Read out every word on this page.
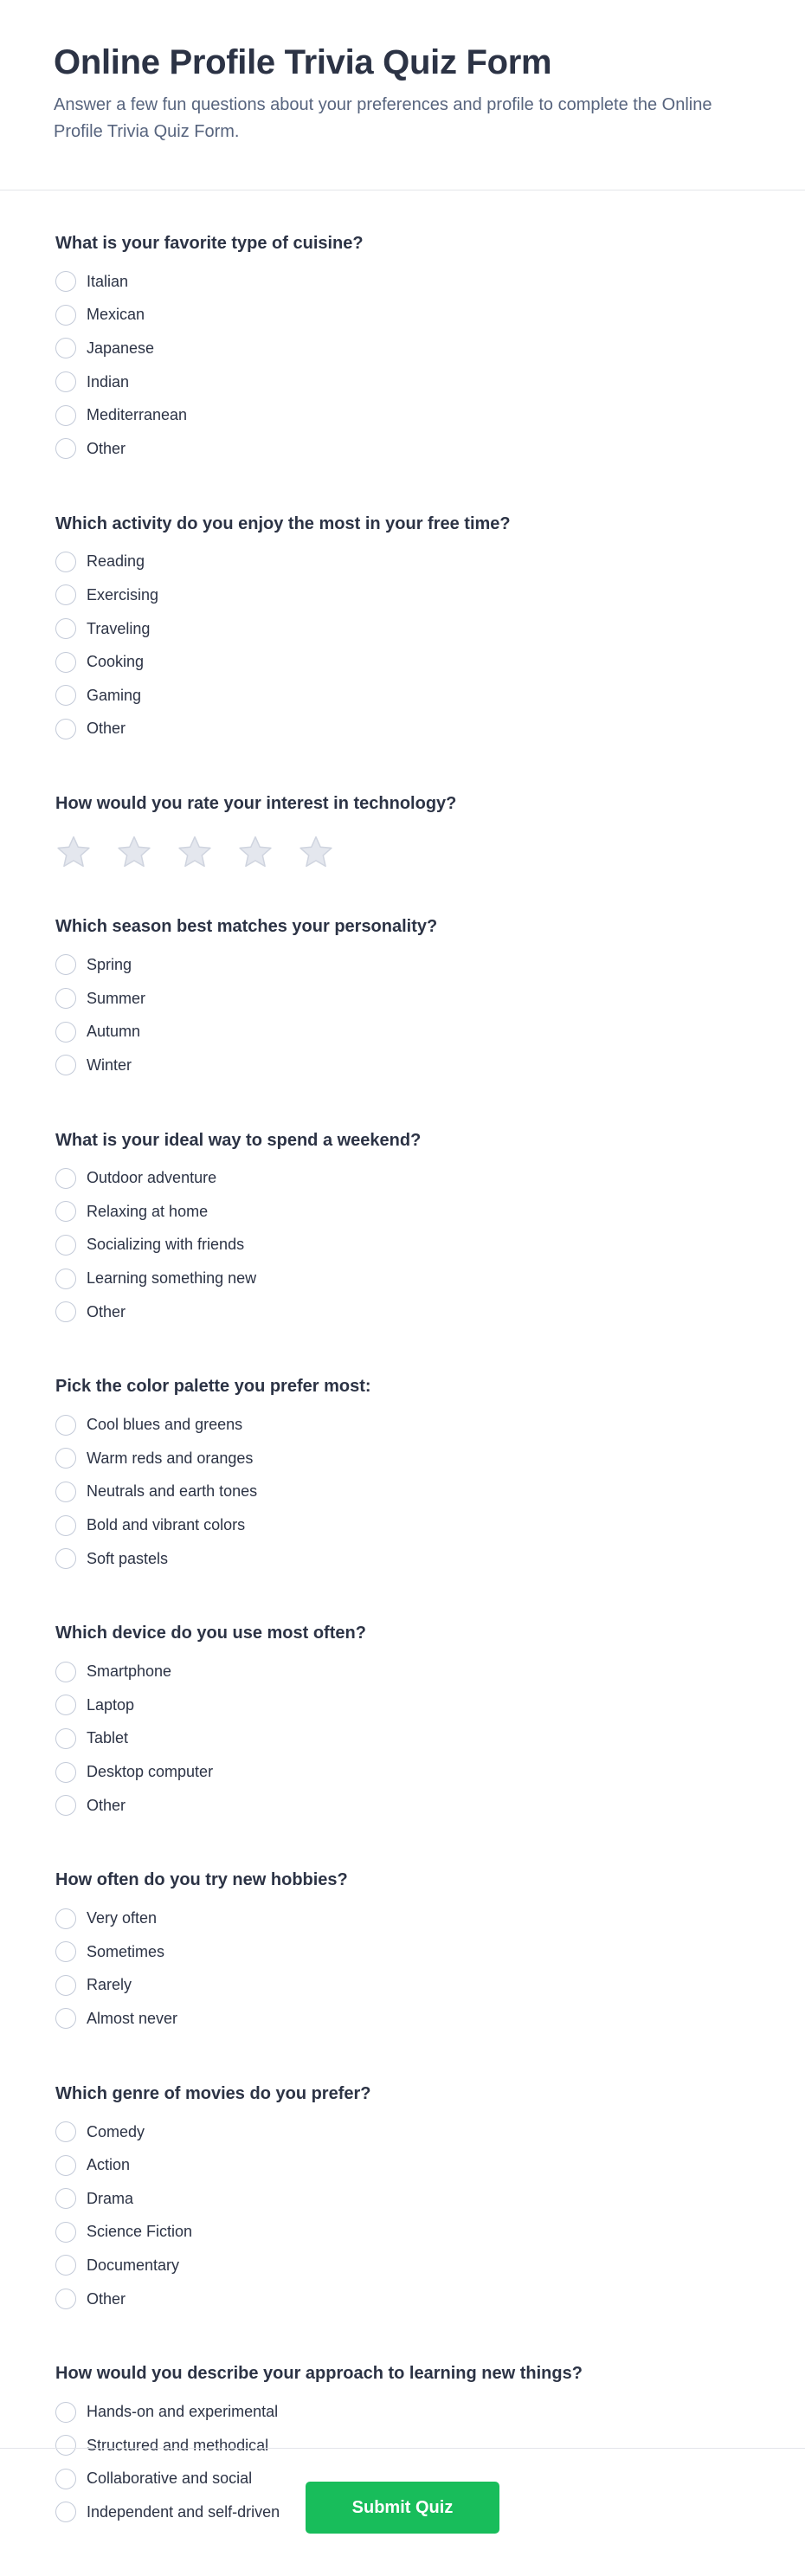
Online Profile Trivia Quiz Form

Answer a few fun questions about your preferences and profile to complete the Online Profile Trivia Quiz Form.

What is your favorite type of cuisine?
Italian
Mexican
Japanese
Indian
Mediterranean
Other
Which activity do you enjoy the most in your free time?
Reading
Exercising
Traveling
Cooking
Gaming
Other
How would you rate your interest in technology?
Which season best matches your personality?
Spring
Summer
Autumn
Winter
What is your ideal way to spend a weekend?
Outdoor adventure
Relaxing at home
Socializing with friends
Learning something new
Other
Pick the color palette you prefer most:
Cool blues and greens
Warm reds and oranges
Neutrals and earth tones
Bold and vibrant colors
Soft pastels
Which device do you use most often?
Smartphone
Laptop
Tablet
Desktop computer
Other
How often do you try new hobbies?
Very often
Sometimes
Rarely
Almost never
Which genre of movies do you prefer?
Comedy
Action
Drama
Science Fiction
Documentary
Other
How would you describe your approach to learning new things?
Hands-on and experimental
Structured and methodical
Collaborative and social
Independent and self-driven	Submit Quiz
